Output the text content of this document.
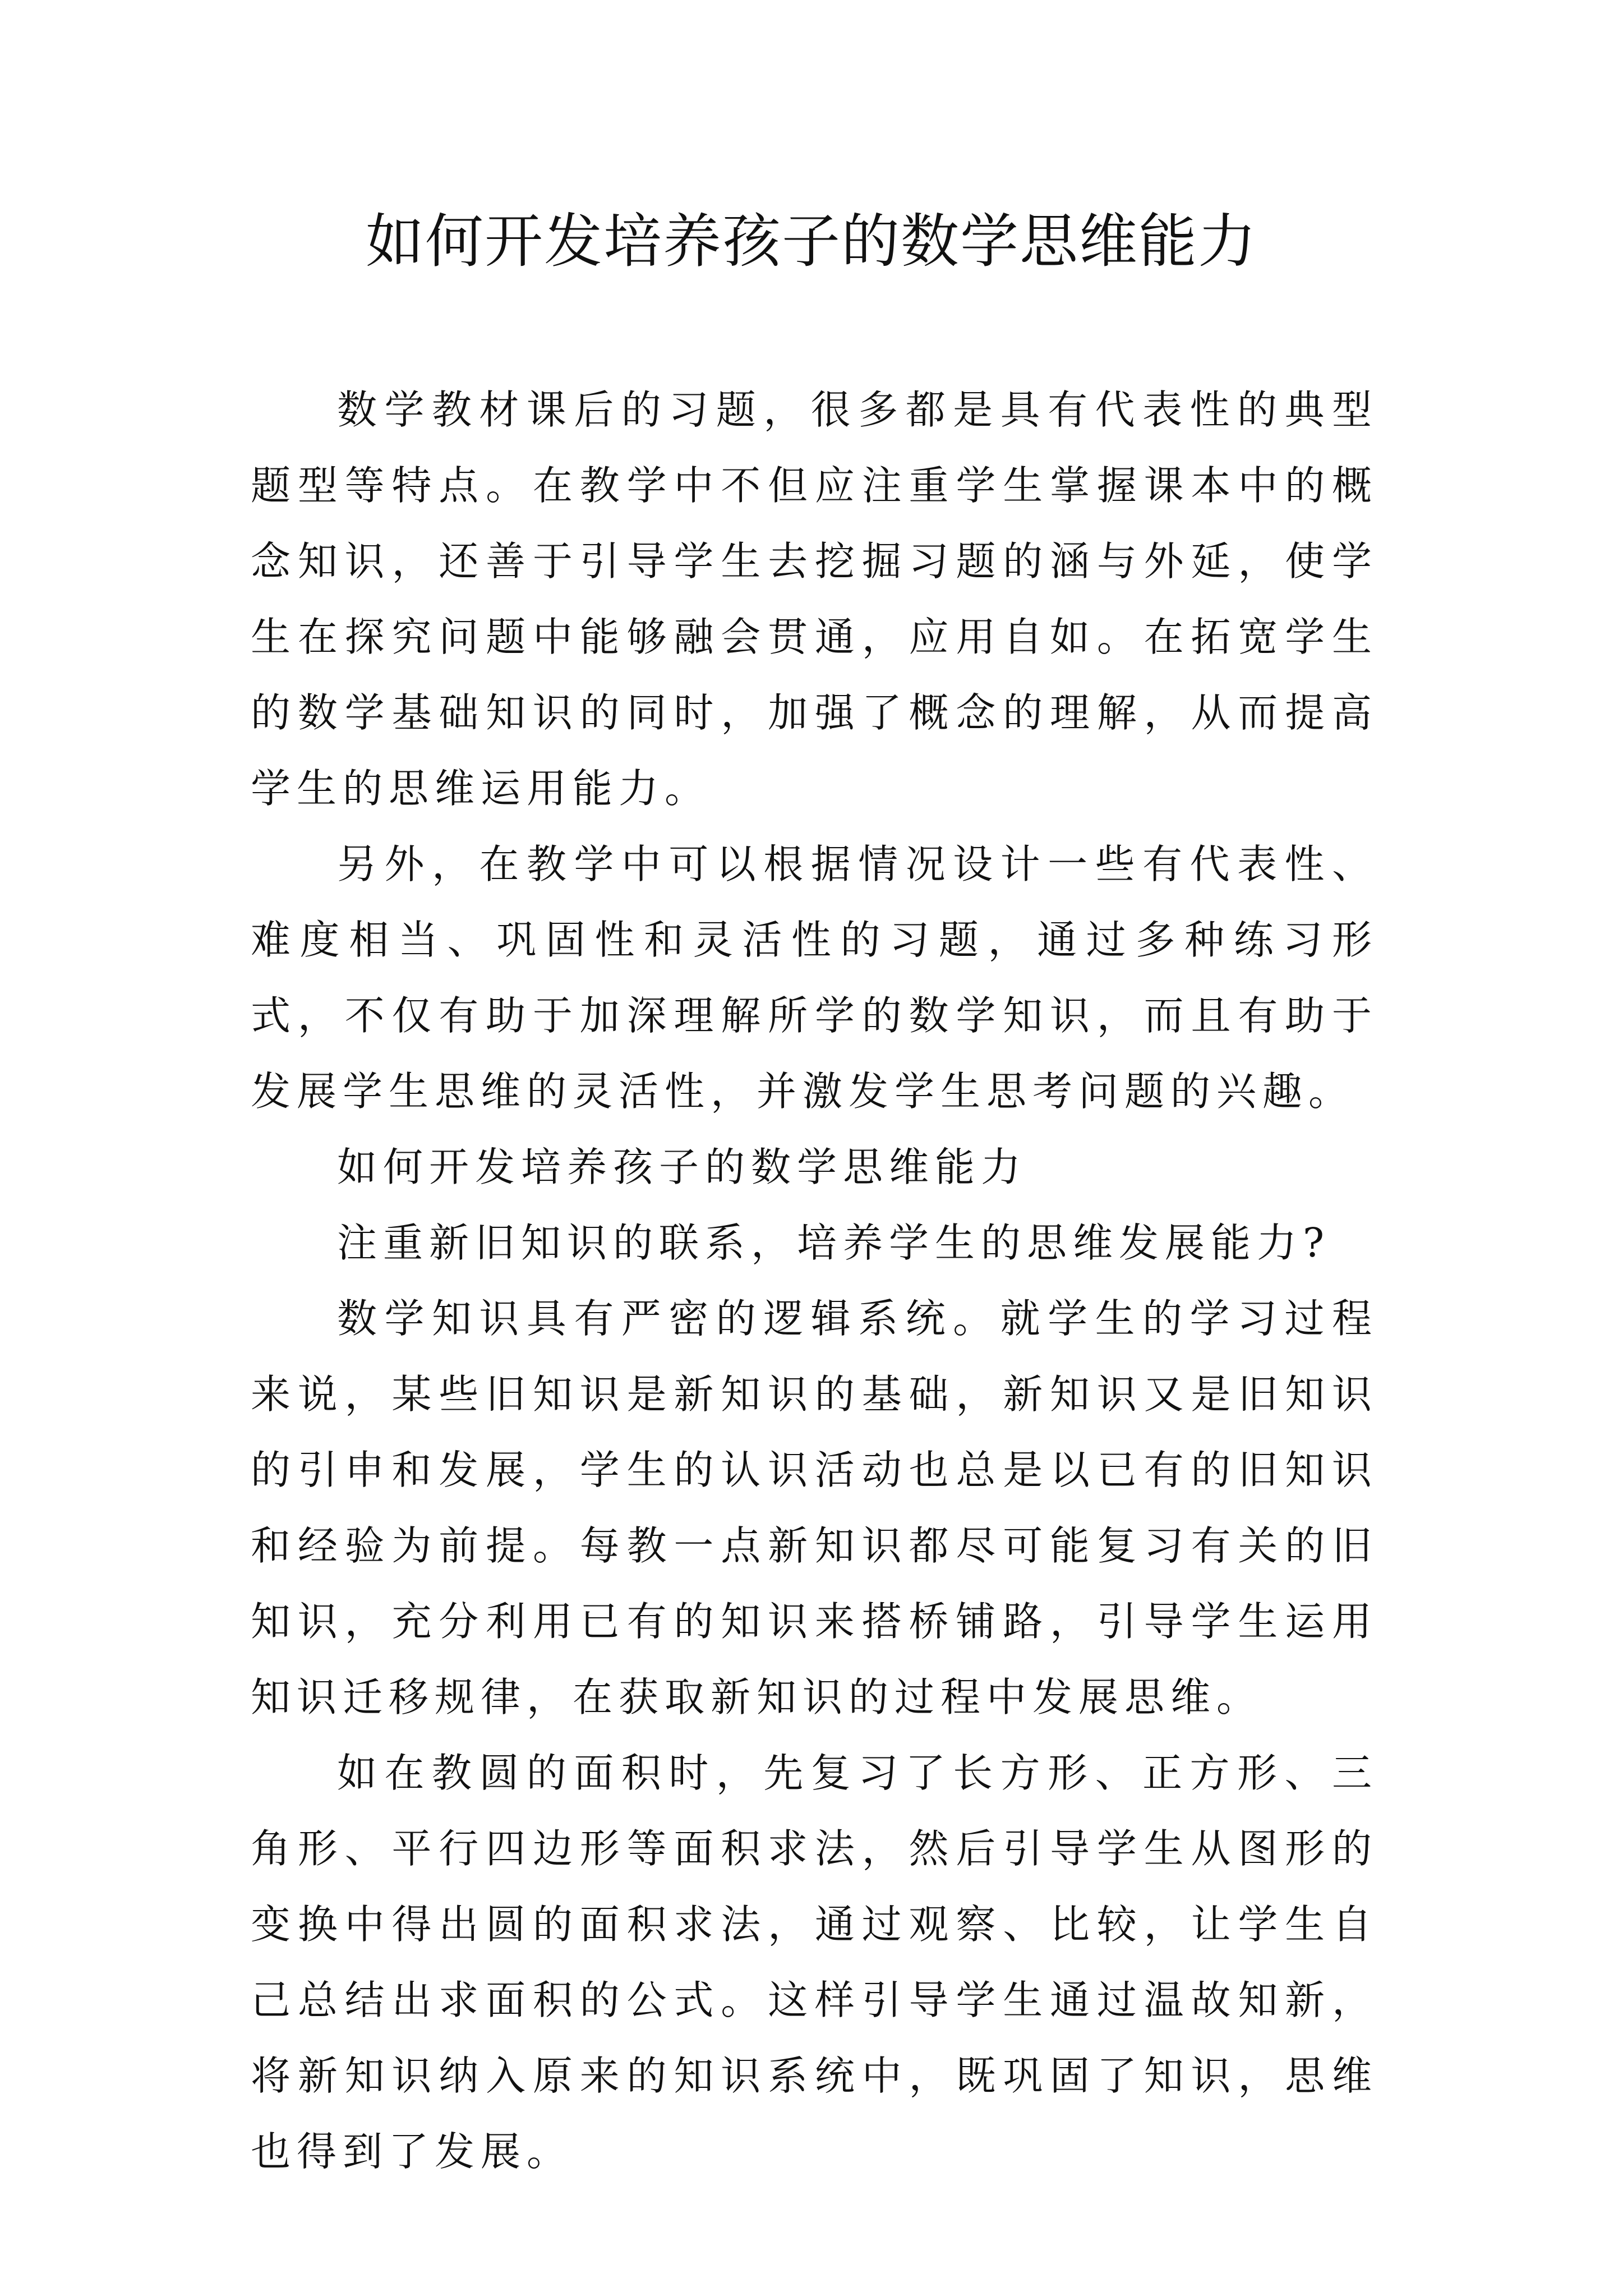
如何开发培养孩子的数学思维能力

数学教材课后的习题，很多都是具有代表性的典型题型等特点。在教学中不但应注重学生掌握课本中的概念知识，还善于引导学生去挖掘习题的涵与外延，使学生在探究问题中能够融会贯通，应用自如。在拓宽学生的数学基础知识的同时，加强了概念的理解，从而提高学生的思维运用能力。

另外，在教学中可以根据情况设计一些有代表性、难度相当、巩固性和灵活性的习题，通过多种练习形式，不仅有助于加深理解所学的数学知识，而且有助于发展学生思维的灵活性，并激发学生思考问题的兴趣。

如何开发培养孩子的数学思维能力

注重新旧知识的联系，培养学生的思维发展能力?

数学知识具有严密的逻辑系统。就学生的学习过程来说，某些旧知识是新知识的基础，新知识又是旧知识的引申和发展，学生的认识活动也总是以已有的旧知识和经验为前提。每教一点新知识都尽可能复习有关的旧知识，充分利用已有的知识来搭桥铺路，引导学生运用知识迁移规律，在获取新知识的过程中发展思维。

如在教圆的面积时，先复习了长方形、正方形、三角形、平行四边形等面积求法，然后引导学生从图形的变换中得出圆的面积求法，通过观察、比较，让学生自己总结出求面积的公式。这样引导学生通过温故知新，将新知识纳入原来的知识系统中，既巩固了知识，思维也得到了发展。
